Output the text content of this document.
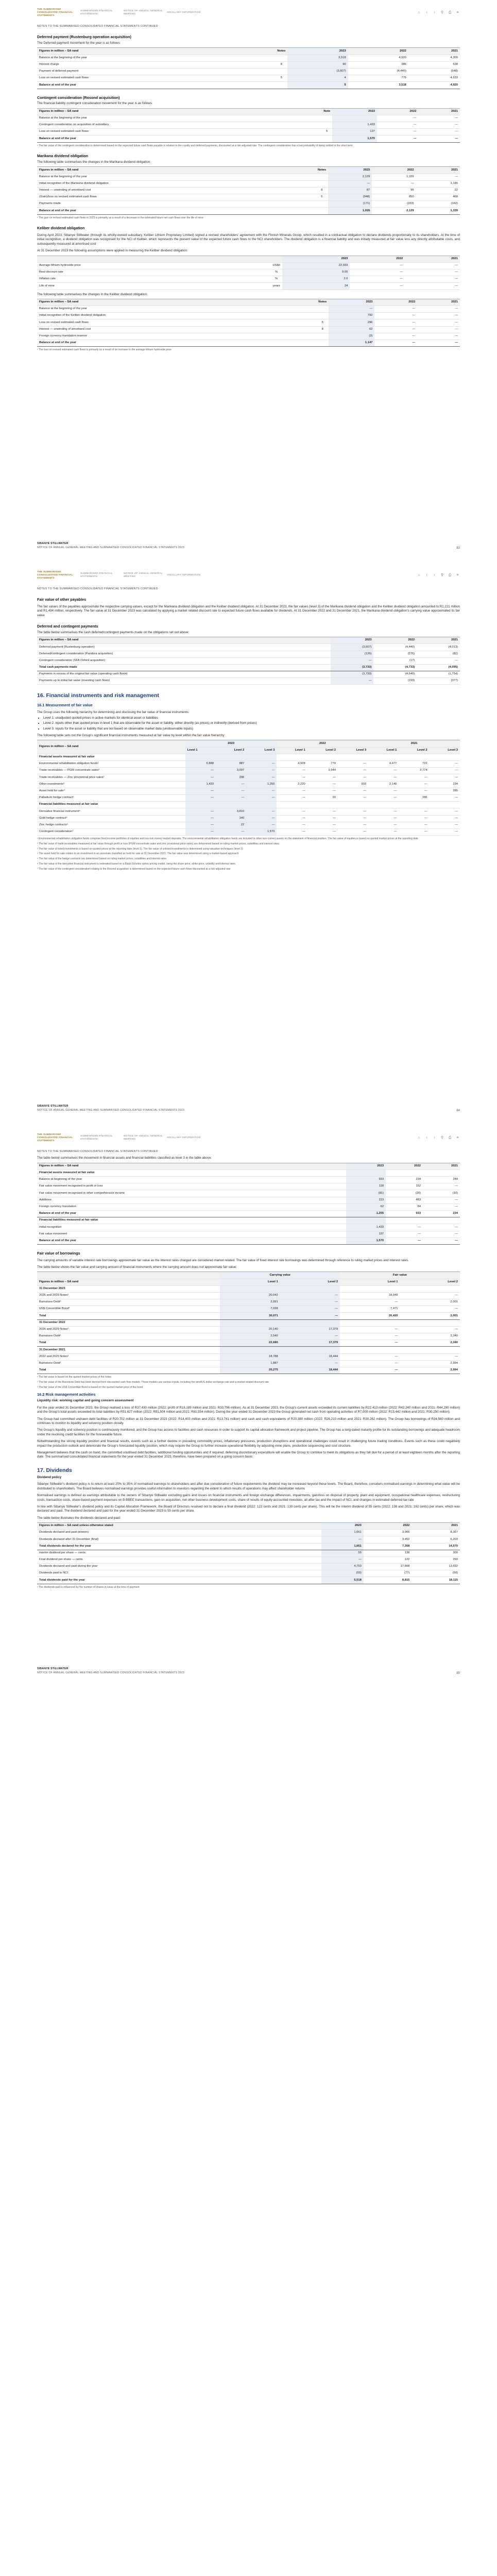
THE SUMMARISED CONSOLIDATED FINANCIAL STATEMENTS
SUMMARISED FINANCIAL STATEMENTS
NOTICE OF ANNUAL GENERAL MEETING
ANCILLARY INFORMATION	⌂	‹	›	⚲ ⎙	≡
NOTES TO THE SUMMARISED CONSOLIDATED FINANCIAL STATEMENTS CONTINUED
Deferred payment (Rustenburg operation acquisition)
The Deferred payment movement for the year is as follows:
Figures in million – SA rand	Notes	2023	2022	2021
Balance at the beginning of the year		3,518	4,920	4,300
Interest charge	8	90	386	538
Payment of deferred payment		(3,607)	(4,440)	(548)
Loss on revised estimated cash flows	5	4	775	4,633
Balance at end of the year		5	3,518	4,920
Contingent consideration (Rosond acquisition)
The financial liability contingent consideration movement for the year is as follows:
Figures in million – SA rand	Note	2023	2022	2021
Balance at the beginning of the year			—	—
Contingent consideration on acquisition of subsidiary		1,433	—	—
Loss on revised estimated cash flows	5	137	—	—
Balance at end of the year		1,570	—	—
¹ The fair value of the contingent consideration is determined based on the expected future cash flows payable in relation to the royalty and deferred payments, discounted at a risk-adjusted rate. The contingent consideration has a low probability of being settled in the short term
Marikana dividend obligation
The following table summarises the changes in the Marikana dividend obligation:
Figures in million – SA rand	Notes	2023	2022	2021
Balance at the beginning of the year		2,129	1,339	—
Initial recognition of the Marikana dividend obligation		—	—	1,146
Interest — unwinding of amortised cost	8	87	96	22
(Gain)/loss on revised estimated cash flows	5	(948)	850	468
Payments made		(171)	(223)	(162)
Balance at end of the year		1,026	2,129	1,339
¹ The gain on revised estimated cash flows in 2023 is primarily as a result of a decrease in the estimated future net cash flows over the life of mine
Keliber dividend obligation
During April 2023, Sibanye Stillwater (through its wholly-owned subsidiary, Keliber Lithium Proprietary Limited) signed a revised shareholders' agreement with the Finnish Minerals Group, which resulted in a contractual obligation to declare dividends proportionally to its shareholders. At the time of initial recognition, a dividend obligation was recognised for the NCI of Keliber, which represents the present value of the expected future cash flows to the NCI shareholders. The dividend obligation is a financial liability and was initially measured at fair value less any directly attributable costs, and subsequently measured at amortised cost
At 31 December 2023 the following assumptions were applied in measuring the Keliber dividend obligation:
		2023	2022	2021
Average lithium hydroxide price	US$/t	22,933	—	—
Real discount rate	%	9.00	—	—
Inflation rate	%	2.0	—	—
Life of mine	years	24	—	—
The following table summarises the changes in the Keliber dividend obligation:
Figures in million – SA rand	Notes	2023	2022	2021
Balance at the beginning of the year		—	—	—
Initial recognition of the Keliber dividend obligation		792	—	—
Loss on revised estimated cash flows	5	296	—	—
Interest — unwinding of amortised cost	8	62	—	—
Foreign currency translation reserve		(3)	—	—
Balance at end of the year		1,147	—	—
¹ The loss on revised estimated cash flows is primarily as a result of an increase in the average lithium hydroxide price
SIBANYE STILLWATER
NOTICE OF ANNUAL GENERAL MEETING AND SUMMARISED CONSOLIDATED FINANCIAL STATEMENTS 2023	83
THE SUMMARISED CONSOLIDATED FINANCIAL STATEMENTS
SUMMARISED FINANCIAL STATEMENTS
NOTICE OF ANNUAL GENERAL MEETING
ANCILLARY INFORMATION	⌂	‹	›	⚲ ⎙	≡
NOTES TO THE SUMMARISED CONSOLIDATED FINANCIAL STATEMENTS CONTINUED
Fair value of other payables
The fair values of the payables approximate the respective carrying values, except for the Marikana dividend obligation and the Keliber dividend obligation. At 31 December 2023, the fair values (level 3) of the Marikana dividend obligation and the Keliber dividend obligation amounted to R1,221 million and R1,494 million, respectively. The fair value at 31 December 2023 was calculated by applying a market related discount rate to expected future cash flows available for dividends. At 31 December 2022 and 31 December 2021, the Marikana dividend obligation's carrying value approximated its fair value
Deferred and contingent payments
The table below summarises the cash deferred/contingent payments made on the obligations set out above:
Figures in million – SA rand	2023	2022	2021
Deferred payment (Rustenburg operation)	(3,607)	(4,440)	(4,013)
Deferred/contingent consideration (Pandora acquisition)	(126)	(276)	(82)
Contingent consideration (SFA Oxford acquisition)	—	(17)	—
Total cash payments made	(3,733)	(4,733)	(4,095)
Payments in excess of the original fair value (operating cash flows)	(3,733)	(4,540)	(1,754)
Payments up to initial fair value (investing cash flows)	—	(193)	(377)
16. Financial instruments and risk management
16.1 Measurement of fair value
The Group uses the following hierarchy for determining and disclosing the fair value of financial instruments:
• Level 1: unadjusted quoted prices in active markets for identical asset or liabilities
• Level 2: inputs other than quoted prices in level 1 that are observable for the asset or liability, either directly (as prices) or indirectly (derived from prices)
• Level 3: inputs for the asset or liability that are not based on observable market data (unobservable inputs)
The following table sets out the Group's significant financial instruments measured at fair value by level within the fair value hierarchy:
Figures in million – SA rand	2023			2022			2021		
	Level 1	Level 2	Level 3	Level 1	Level 2	Level 3	Level 1	Level 2	Level 3
Financial assets measured at fair value									
Environmental rehabilitation obligation funds¹	5,888	887	—	4,928	779	—	4,477	722	—
Trade receivables — PGM concentrate sales²	—	3,097	—	—	3,544	—	—	3,774	—
Trade receivables — Zinc provisional price sales²	—	296	—	—	—	—	—	—	—
Other investments³	1,433	—	1,255	2,220	—	933	2,140	—	234
Asset held for sale⁴	—	—	—	—	—	—	—	—	285
Palladium hedge contract⁵	—	—	—	—	20	—	—	286	—
Financial liabilities measured at fair value									
Derivative financial instrument⁶	—	3,810	—	—	—	—	—	—	—
Gold hedge contract⁵	—	140	—	—	—	—	—	—	—
Zinc hedge contracts⁵	—	22	—	—	—	—	—	—	—
Contingent consideration⁷	—	—	1,570	—	—	—	—	—	—
¹ Environmental rehabilitation obligation funds comprise fixed income portfolios of equities and low-risk money market deposits. The environmental rehabilitation obligation funds are included in other non-current assets on the statement of financial position. The fair value of equities is based on quoted market prices at the reporting date
² The fair value of trade receivables measured at fair value through profit or loss (PGM concentrate sales and zinc provisional price sales) are determined based on ruling market prices, volatilities and interest rates
³ The fair value of listed investments is based on quoted prices at the reporting date (level 1). The fair value of unlisted investments is determined using valuation techniques (level 3)
⁴ The asset held for sale relates to an investment in an associate classified as held for sale at 31 December 2021. The fair value was determined using a market-based approach
⁵ The fair value of the hedge contracts are determined based on ruling market prices, volatilities and interest rates
⁶ The fair value of the derivative financial instrument is estimated based on a Black-Scholes option pricing model, using the share price, strike price, volatility and interest rates
⁷ The fair value of the contingent consideration relating to the Rosond acquisition is determined based on the expected future cash flows discounted at a risk-adjusted rate
SIBANYE STILLWATER
NOTICE OF ANNUAL GENERAL MEETING AND SUMMARISED CONSOLIDATED FINANCIAL STATEMENTS 2023	84
THE SUMMARISED CONSOLIDATED FINANCIAL STATEMENTS
SUMMARISED FINANCIAL STATEMENTS
NOTICE OF ANNUAL GENERAL MEETING
ANCILLARY INFORMATION	⌂	‹	›	⚲ ⎙	≡
NOTES TO THE SUMMARISED CONSOLIDATED FINANCIAL STATEMENTS CONTINUED
The table below summarises the movement in financial assets and financial liabilities classified as level 3 in the table above:
Figures in million – SA rand	2023	2022	2021
Financial assets measured at fair value			
Balance at beginning of the year	933	234	244
Fair value movement recognised in profit or loss	118	152	—
Fair value movement recognised in other comprehensive income	(81)	(20)	(10)
Additions	223	483	—
Foreign currency translation	62	84	—
Balance at end of the year	1,255	933	234
Financial liabilities measured at fair value			
Initial recognition	1,433	—	—
Fair value movement	137	—	—
Balance at end of the year	1,570	—	—
Fair value of borrowings
The carrying amounts of variable interest rate borrowings approximate fair value as the interest rates charged are considered market related. The fair value of fixed interest rate borrowings was determined through reference to ruling market prices and interest rates.
The table below shows the fair value and carrying amount of financial instruments where the carrying amount does not approximate fair value:
	Carrying value		Fair value	
Figures in million – SA rand	Level 1	Level 2	Level 1	Level 2
31 December 2023				
2026 and 2029 Notes¹	20,042	—	18,949	—
Burnstone Debt²	2,991	—	—	2,001
US$ Convertible Bond³	7,038	—	7,471	—
Total	30,071	—	26,420	2,001
31 December 2022				
2026 and 2029 Notes¹	20,140	17,379	—	—
Burnstone Debt²	2,540	—	—	2,340
Total	22,680	17,379	—	2,340
31 December 2021				
2022 and 2025 Notes¹	18,788	18,444	—	—
Burnstone Debt²	1,887	—	—	2,994
Total	20,275	18,444	—	2,994
¹ The fair value is based on the quoted market prices of the notes
² The fair value of the Burnstone Debt has been derived from discounted cash flow models. These models use various inputs, including the rand/US dollar exchange rate and a market related discount rate
³ The fair value of the US$ Convertible Bond is based on the quoted market price of the bond
16.2 Risk management activities
Liquidity risk: working capital and going concern assessment
For the year ended 31 December 2023, the Group realised a loss of R37,430 million (2022: profit of R18,189 million and 2021: R33,796 million). As at 31 December 2023, the Group's current assets exceeded its current liabilities by R22,413 million (2022: R42,240 million and 2021: R44,290 million) and the Group's total assets exceeded its total liabilities by R51,627 million (2022: R91,504 million and 2021: R81,554 million). During the year ended 31 December 2023 the Group generated net cash from operating activities of R7,009 million (2022: R15,442 million and 2021: R30,250 million).
The Group had committed undrawn debt facilities of R20,702 million at 31 December 2023 (2022: R14,403 million and 2021: R13,741 million) and cash and cash equivalents of R20,380 million (2022: R26,210 million and 2021: R30,282 million). The Group has borrowings of R34,560 million and continues to monitor its liquidity and solvency position closely.
The Group's liquidity and solvency position is continuously monitored, and the Group has access to facilities and cash resources in order to support its capital allocation framework and project pipeline. The Group has a long-dated maturity profile for its outstanding borrowings and adequate headroom under the revolving credit facilities for the foreseeable future.
Notwithstanding the strong liquidity position and financial results, events such as a further decline in prevailing commodity prices, inflationary pressures, production disruptions and operational challenges could result in challenging future trading conditions. Events such as these could negatively impact the production outlook and deteriorate the Group's forecasted liquidity position, which may require the Group to further increase operational flexibility by adjusting mine plans, production sequencing and cost structure.
Management believes that the cash on hand, the committed unutilised debt facilities, additional funding opportunities and if required, deferring discretionary expenditure will enable the Group to continue to meet its obligations as they fall due for a period of at least eighteen months after the reporting date. The summarised consolidated financial statements for the year ended 31 December 2023, therefore, have been prepared on a going concern basis
17. Dividends
Dividend policy
Sibanye Stillwater's dividend policy is to return at least 25% to 35% of normalised earnings to shareholders and after due consideration of future requirements the dividend may be increased beyond these levels. The Board, therefore, considers normalised earnings in determining what value will be distributed to shareholders. The Board believes normalised earnings provides useful information to investors regarding the extent to which results of operations may affect shareholder returns
Normalised earnings is defined as earnings attributable to the owners of Sibanye Stillwater excluding gains and losses on financial instruments and foreign exchange differences, impairments, gain/loss on disposal of property, plant and equipment, occupational healthcare expenses, restructuring costs, transaction costs, share-based payment expenses on B-BBEE transactions, gain on acquisition, net other business development costs, share of results of equity-accounted investees, all after tax and the impact of NCI, and changes in estimated deferred tax rate
In line with Sibanye Stillwater's dividend policy and its Capital Allocation Framework, the Board of Directors resolved not to declare a final dividend (2022: 122 cents and 2021: 130 cents per share). This will be the interim dividend of 55 cents (2022: 138 and 2021: 162 cents) per share, which was declared and paid. The dividend declared and paid for the year ended 31 December 2023 is 55 cents per share.
The table below illustrates the dividends declared and paid:
Figures in million – SA rand unless otherwise stated	2023	2022	2021
Dividends declared and paid (interim)	1,661	3,906	8,367
Dividends declared after 31 December (final)	—	3,452	6,203
Total dividends declared for the year	1,661	7,358	14,570
Interim dividend per share — cents	55	138	300
Final dividend per share — cents	—	122	260
Dividends declared and paid during the year	4,753	17,808	13,692
Dividends paid to NCI	(53)	(77)	(50)
Total dividends paid for the year	5,518	8,815	18,115
¹ The dividends paid is influenced by the number of shares in issue at the time of payment
SIBANYE STILLWATER
NOTICE OF ANNUAL GENERAL MEETING AND SUMMARISED CONSOLIDATED FINANCIAL STATEMENTS 2023	85
